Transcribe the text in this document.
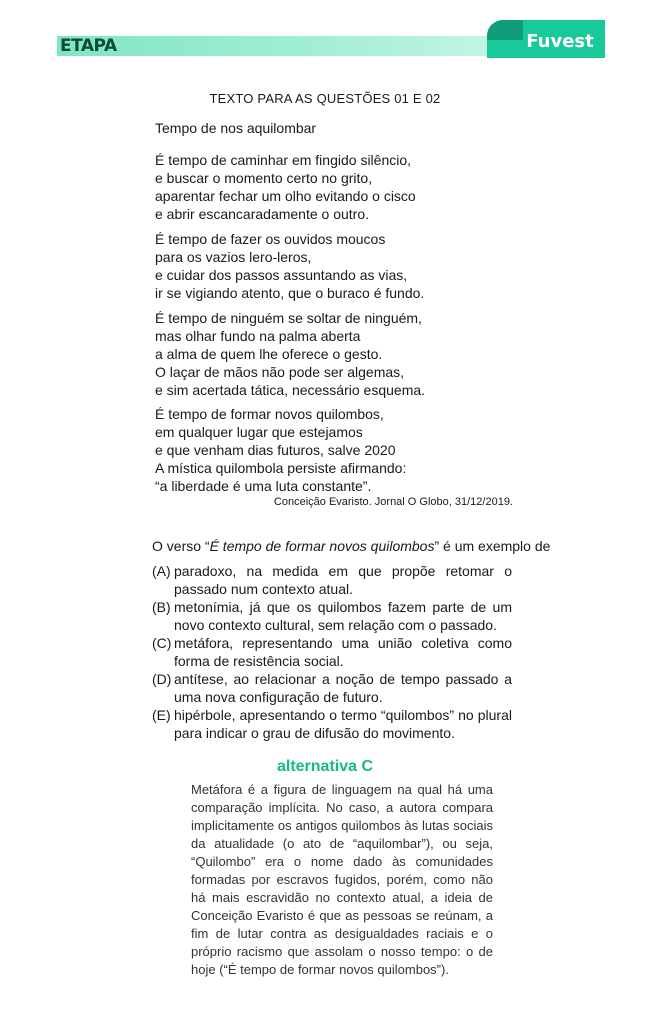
ETAPA	Fuvest
TEXTO PARA AS QUESTÕES 01 E 02
Tempo de nos aquilombar
É tempo de caminhar em fingido silêncio,
e buscar o momento certo no grito,
aparentar fechar um olho evitando o cisco
e abrir escancaradamente o outro.
É tempo de fazer os ouvidos moucos
para os vazios lero-leros,
e cuidar dos passos assuntando as vias,
ir se vigiando atento, que o buraco é fundo.
É tempo de ninguém se soltar de ninguém,
mas olhar fundo na palma aberta
a alma de quem lhe oferece o gesto.
O laçar de mãos não pode ser algemas,
e sim acertada tática, necessário esquema.
É tempo de formar novos quilombos,
em qualquer lugar que estejamos
e que venham dias futuros, salve 2020
A mística quilombola persiste afirmando:
“a liberdade é uma luta constante”.
Conceição Evaristo. Jornal O Globo, 31/12/2019.
O verso “É tempo de formar novos quilombos” é um exemplo de
(A) paradoxo, na medida em que propõe retomar o passado num contexto atual.
(B) metonímia, já que os quilombos fazem parte de um novo contexto cultural, sem relação com o passado.
(C) metáfora, representando uma união coletiva como forma de resistência social.
(D) antítese, ao relacionar a noção de tempo passado a uma nova configuração de futuro.
(E) hipérbole, apresentando o termo “quilombos” no plural para indicar o grau de difusão do movimento.
alternativa C
Metáfora é a figura de linguagem na qual há uma comparação implícita. No caso, a autora compara implicitamente os antigos quilombos às lutas sociais da atualidade (o ato de “aquilombar”), ou seja, “Quilombo” era o nome dado às comunidades formadas por escravos fugidos, porém, como não há mais escravidão no contexto atual, a ideia de Conceição Evaristo é que as pessoas se reúnam, a fim de lutar contra as desigualdades raciais e o próprio racismo que assolam o nosso tempo: o de hoje (“É tempo de formar novos quilombos”).
